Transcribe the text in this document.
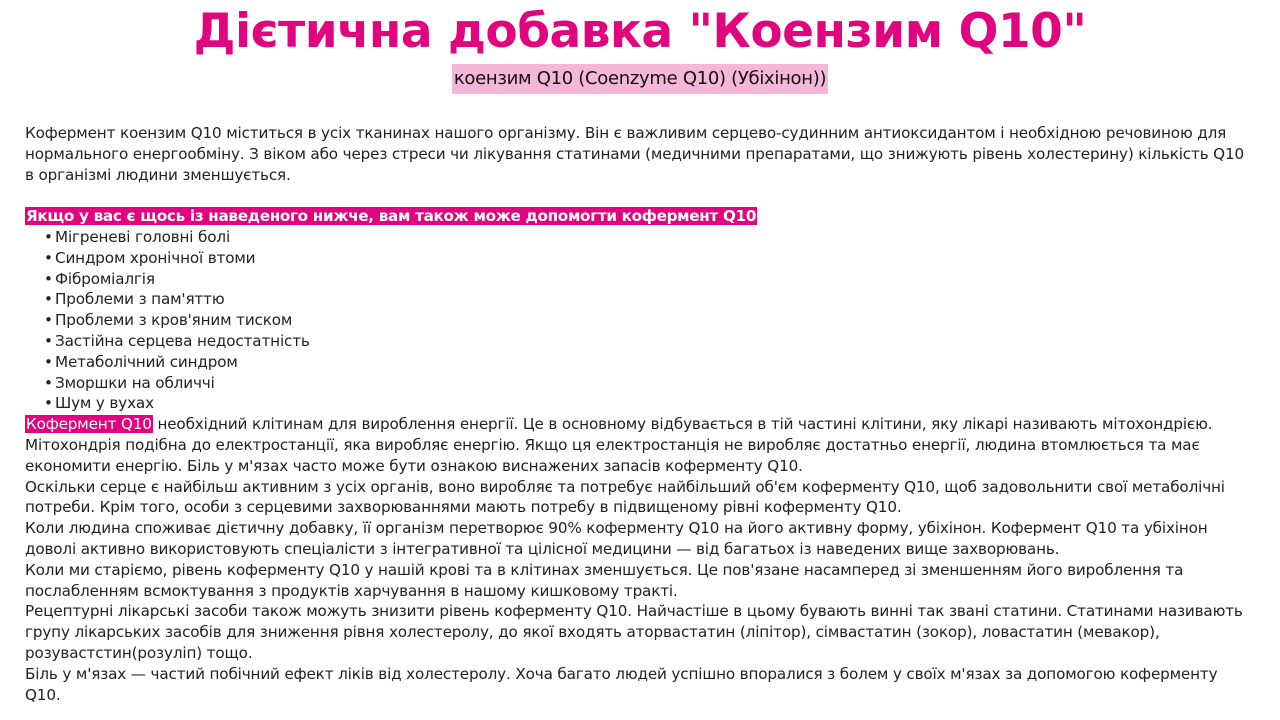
Дієтична добавка "Коензим Q10"
коензим Q10 (Coenzyme Q10) (Убіхінон))

Кофермент коензим Q10 міститься в усіх тканинах нашого організму. Він є важливим серцево-судинним антиоксидантом і необхідною речовиною для нормального енергообміну. З віком або через стреси чи лікування статинами (медичними препаратами, що знижують рівень холестерину) кількість Q10 в організмі людини зменшується.

Якщо у вас є щось із наведеного нижче, вам також може допомогти кофермент Q10

• Мігреневі головні болі
• Синдром хронічної втоми
• Фіброміалгія
• Проблеми з пам'яттю
• Проблеми з кров'яним тиском
• Застійна серцева недостатність
• Метаболічний синдром
• Зморшки на обличчі
• Шум у вухах

Кофермент Q10 необхідний клітинам для вироблення енергії. Це в основному відбувається в тій частині клітини, яку лікарі називають мітохондрією. Мітохондрія подібна до електростанції, яка виробляє енергію. Якщо ця електростанція не виробляє достатньо енергії, людина втомлюється та має економити енергію. Біль у м'язах часто може бути ознакою виснажених запасів коферменту Q10.

Оскільки серце є найбільш активним з усіх органів, воно виробляє та потребує найбільший об'єм коферменту Q10, щоб задовольнити свої метаболічні потреби. Крім того, особи з серцевими захворюваннями мають потребу в підвищеному рівні коферменту Q10.

Коли людина споживає дієтичну добавку, її організм перетворює 90% коферменту Q10 на його активну форму, убіхінон. Кофермент Q10 та убіхінон доволі активно використовують спеціалісти з інтегративної та цілісної медицини — від багатьох із наведених вище захворювань.

Коли ми старіємо, рівень коферменту Q10 у нашій крові та в клітинах зменшується. Це пов'язане насамперед зі зменшенням його вироблення та послабленням всмоктування з продуктів харчування в нашому кишковому тракті.

Рецептурні лікарські засоби також можуть знизити рівень коферменту Q10. Найчастіше в цьому бувають винні так звані статини. Статинами називають групу лікарських засобів для зниження рівня холестеролу, до якої входять аторвастатин (ліпітор), сімвастатин (зокор), ловастатин (мевакор), розувастстин(розуліп) тощо.

Біль у м'язах — частий побічний ефект ліків від холестеролу. Хоча багато людей успішно впоралися з болем у своїх м'язах за допомогою коферменту Q10.
